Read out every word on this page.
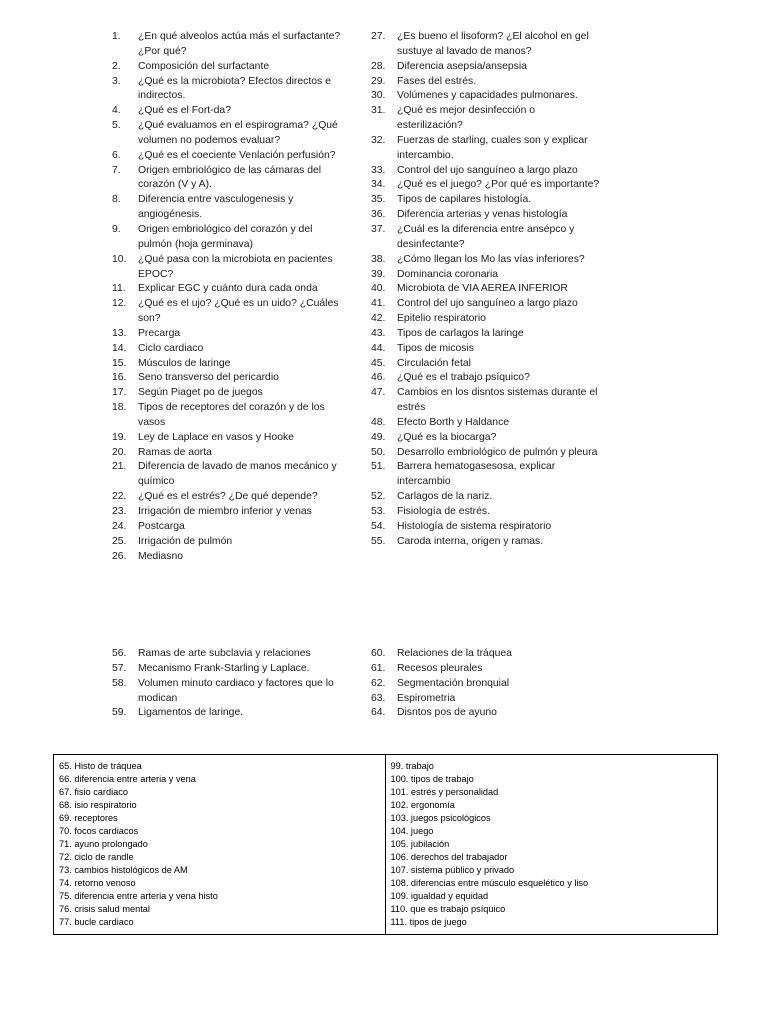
1.	¿En qué alveolos actúa más el surfactante? ¿Por qué?
2.	Composición del surfactante
3.	¿Qué es la microbiota? Efectos directos e indirectos.
4.	¿Qué es el Fort-da?
5.	¿Qué evaluamos en el espirograma? ¿Qué volumen no podemos evaluar?
6.	¿Qué es el coeciente Venlación perfusión?
7.	Origen embriológico de las cámaras del corazón (V y A).
8.	Diferencia entre vasculogenesis y angiogénesis.
9.	Origen embriológico del corazón y del pulmón (hoja germinava)
10.	¿Qué pasa con la microbiota en pacientes EPOC?
11.	Explicar EGC y cuánto dura cada onda
12.	¿Qué es el ujo? ¿Qué es un uido? ¿Cuáles son?
13.	Precarga
14.	Ciclo cardiaco
15.	Músculos de laringe
16.	Seno transverso del pericardio
17.	Según Piaget po de juegos
18.	Tipos de receptores del corazón y de los vasos
19.	Ley de Laplace en vasos y Hooke
20.	Ramas de aorta
21.	Diferencia de lavado de manos mecánico y químico
22.	¿Qué es el estrés? ¿De qué depende?
23.	Irrigación de miembro inferior y venas
24.	Postcarga
25.	Irrigación de pulmón
26.	Mediasno
27.	¿Es bueno el lisoform? ¿El alcohol en gel sustuye al lavado de manos?
28.	Diferencia asepsia/ansepsia
29.	Fases del estrés.
30.	Volúmenes y capacidades pulmonares.
31.	¿Qué es mejor desinfección o esterilización?
32.	Fuerzas de starling, cuales son y explicar intercambio.
33.	Control del ujo sanguíneo a largo plazo
34.	¿Qué es el juego? ¿Por qué es importante?
35.	Tipos de capilares histología.
36.	Diferencia arterias y venas histología
37.	¿Cuál es la diferencia entre ansépco y desinfectante?
38.	¿Cómo llegan los Mo las vías inferiores?
39.	Dominancia coronaria
40.	Microbiota de VIA AEREA INFERIOR
41.	Control del ujo sanguíneo a largo plazo
42.	Epitelio respiratorio
43.	Tipos de carlagos la laringe
44.	Tipos de micosis
45.	Circulación fetal
46.	¿Qué es el trabajo psíquico?
47.	Cambios en los disntos sistemas durante el estrés
48.	Efecto Borth y Haldance
49.	¿Qué es la biocarga?
50.	Desarrollo embriológico de pulmón y pleura
51.	Barrera hematogasesosa, explicar intercambio
52.	Carlagos de la nariz.
53.	Fisiología de estrés.
54.	Histología de sistema respiratorio
55.	Caroda interna, origen y ramas.
56.	Ramas de arte subclavia y relaciones
57.	Mecanismo Frank-Starling y Laplace.
58.	Volumen minuto cardiaco y factores que lo modican
59.	Ligamentos de laringe.
60.	Relaciones de la tráquea
61.	Recesos pleurales
62.	Segmentación bronquial
63.	Espirometria
64.	Disntos pos de ayuno
65. Histo de tráquea
66. diferencia entre arteria y vena
67. fisio cardiaco
68. isio respiratorio
69. receptores
70. focos cardiacos
71. ayuno prolongado
72. ciclo de randle
73. cambios histológicos de AM
74. retorno venoso
75. diferencia entre arteria y vena histo
76. crisis salud mental
77. bucle cardiaco
99. trabajo
100. tipos de trabajo
101. estrés y personalidad
102. ergonomía
103. juegos psicológicos
104. juego
105. jubilación
106. derechos del trabajador
107. sistema público y privado
108. diferencias entre músculo esquelético y liso
109. igualdad y equidad
110. que es trabajo psíquico
111. tipos de juego
